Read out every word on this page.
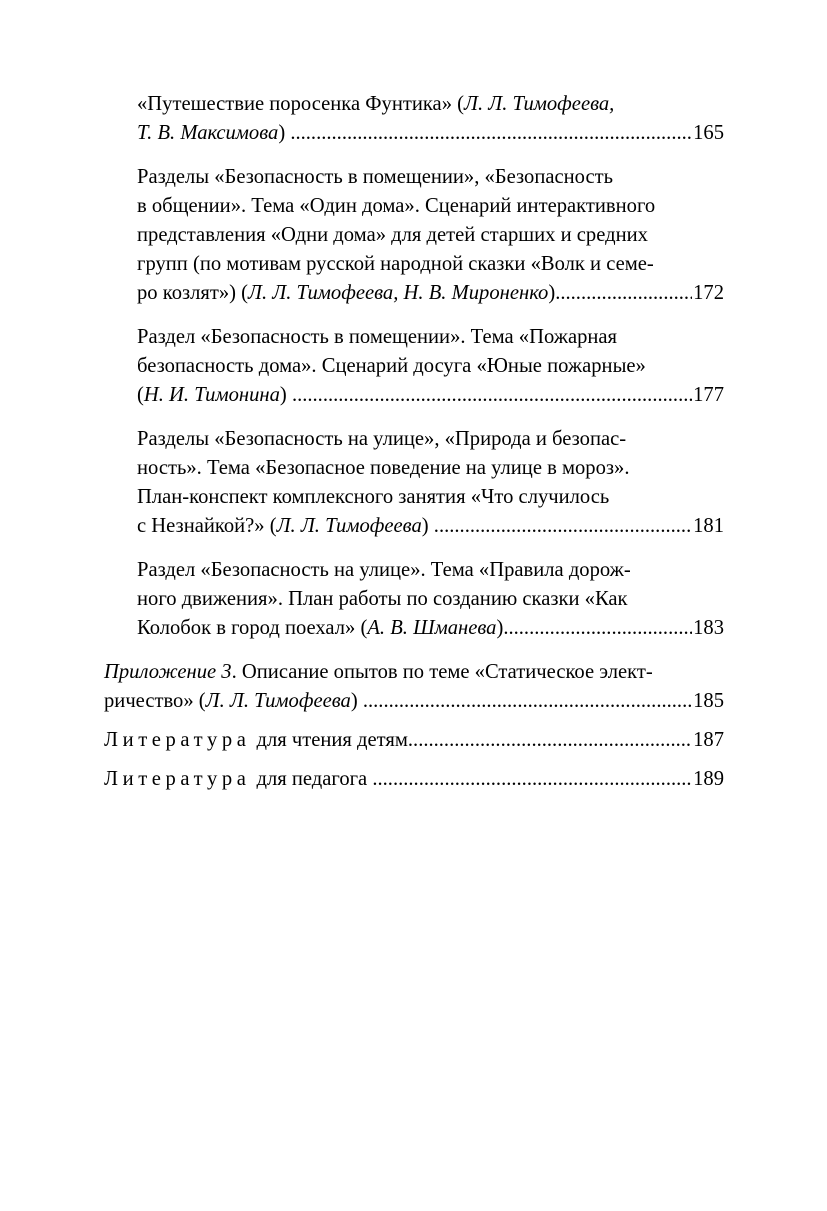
«Путешествие поросенка Фунтика» (Л. Л. Тимофеева,
Т. В. Максимова )
.....	165
Разделы «Безопасность в помещении», «Безопасность
в общении». Тема «Один дома». Сценарий интерактивного
представления «Одни дома» для детей старших и средних
групп (по мотивам русской народной сказки «Волк и семе-
ро козлят») ( Л. Л. Тимофеева, Н. В. Мироненко ) .....	172
Раздел «Безопасность в помещении». Тема «Пожарная
безопасность дома». Сценарий досуга «Юные пожарные»
( Н. И. Тимонина )
.....	177
Разделы «Безопасность на улице», «Природа и безопас-
ность». Тема «Безопасное поведение на улице в мороз».
План-конспект комплексного занятия «Что случилось
с Незнайкой?» ( Л. Л. Тимофеева )
.....	181
Раздел «Безопасность на улице». Тема «Правила дорож-
ного движения». План работы по созданию сказки «Как
Колобок в город поехал» ( А. В. Шманева ) .....	183
Приложение 3. Описание опытов по теме «Статическое элект-
ричество» ( Л. Л. Тимофеева )
.....	185
Литература для чтения детям .....	187
Литература для педагога
.....	189
